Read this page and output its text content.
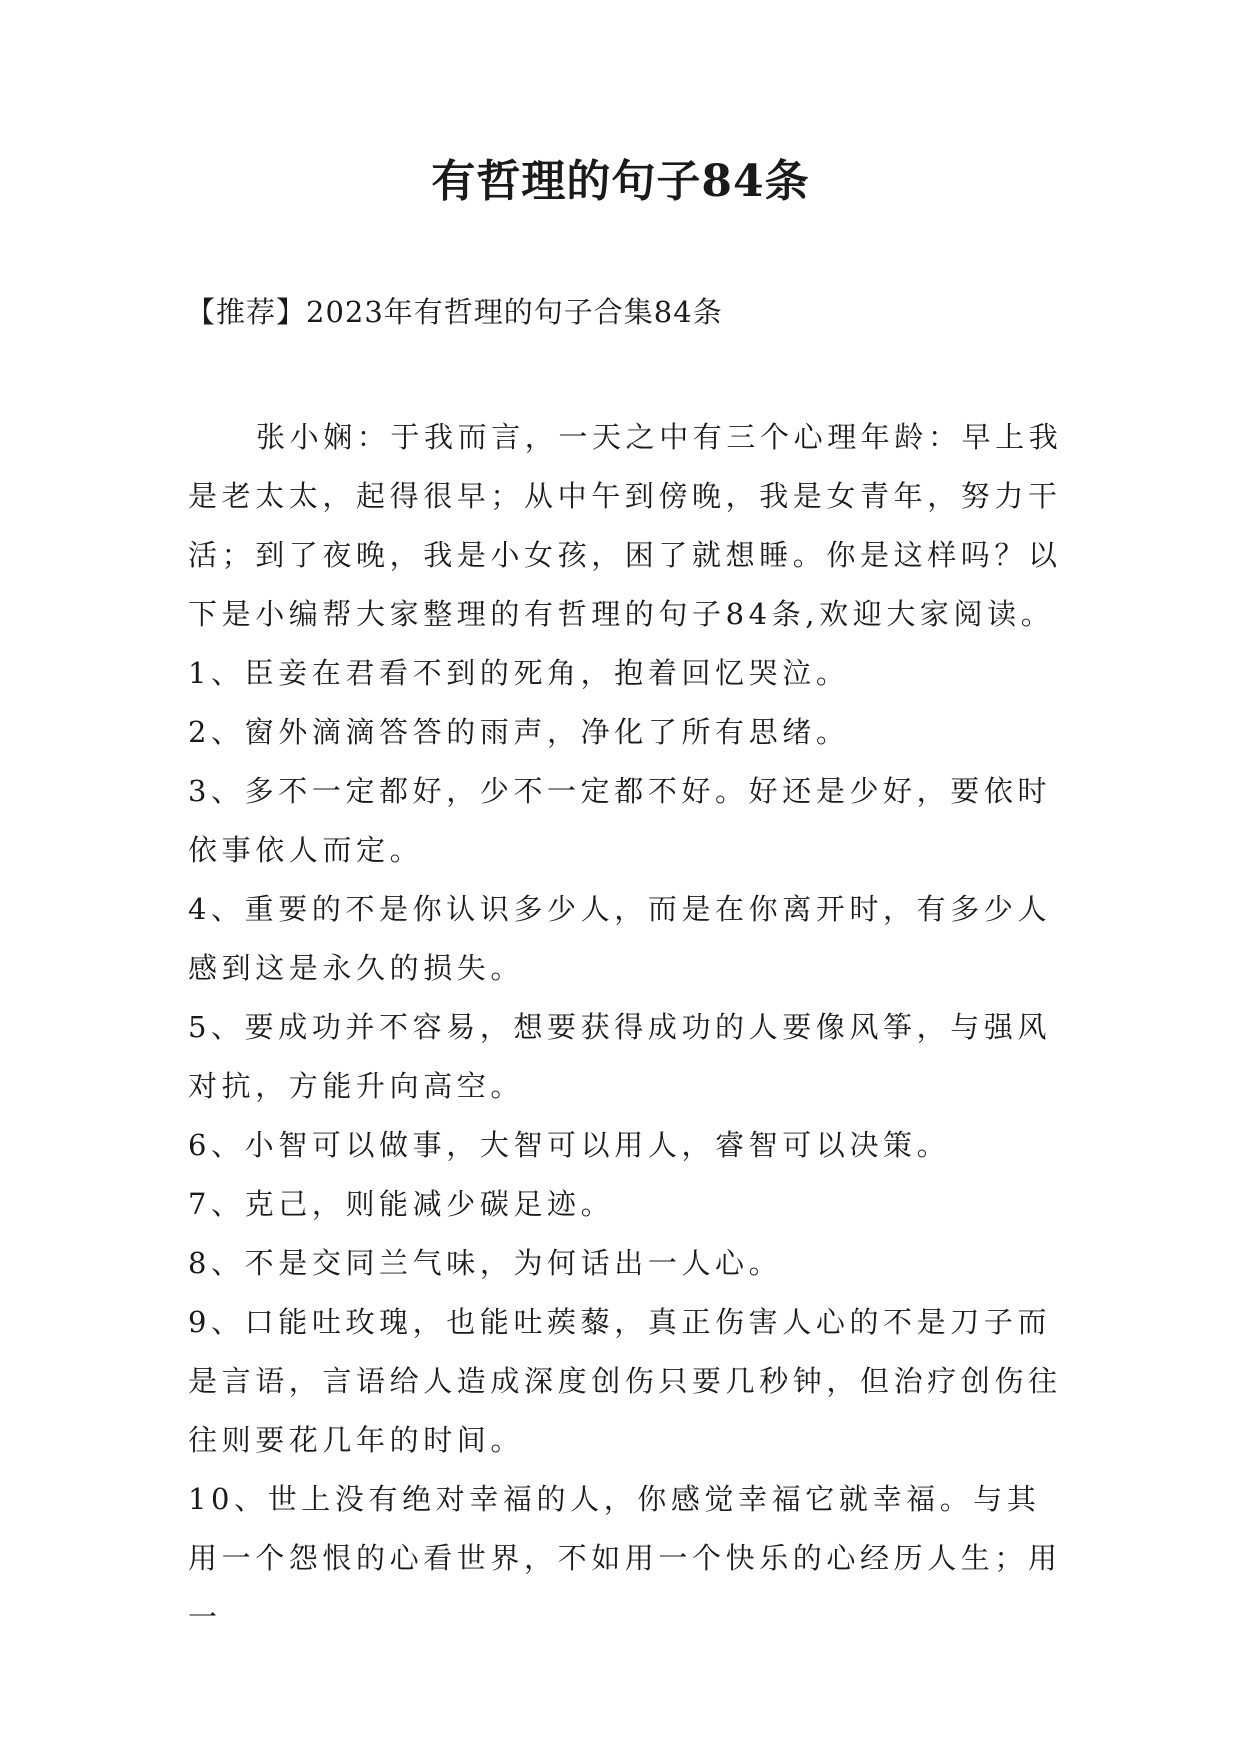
有哲理的句子84条
【推荐】2023年有哲理的句子合集84条

张小娴：于我而言，一天之中有三个心理年龄：早上我是老太太，起得很早；从中午到傍晚，我是女青年，努力干活；到了夜晚，我是小女孩，困了就想睡。你是这样吗？以下是小编帮大家整理的有哲理的句子84条,欢迎大家阅读。

1、臣妾在君看不到的死角，抱着回忆哭泣。

2、窗外滴滴答答的雨声，净化了所有思绪。

3、多不一定都好，少不一定都不好。好还是少好，要依时依事依人而定。

4、重要的不是你认识多少人，而是在你离开时，有多少人感到这是永久的损失。

5、要成功并不容易，想要获得成功的人要像风筝，与强风对抗，方能升向高空。

6、小智可以做事，大智可以用人，睿智可以决策。

7、克己，则能减少碳足迹。

8、不是交同兰气味，为何话出一人心。

9、口能吐玫瑰，也能吐蒺藜，真正伤害人心的不是刀子而是言语，言语给人造成深度创伤只要几秒钟，但治疗创伤往往则要花几年的时间。

10、世上没有绝对幸福的人，你感觉幸福它就幸福。与其用一个怨恨的心看世界，不如用一个快乐的心经历人生；用一
